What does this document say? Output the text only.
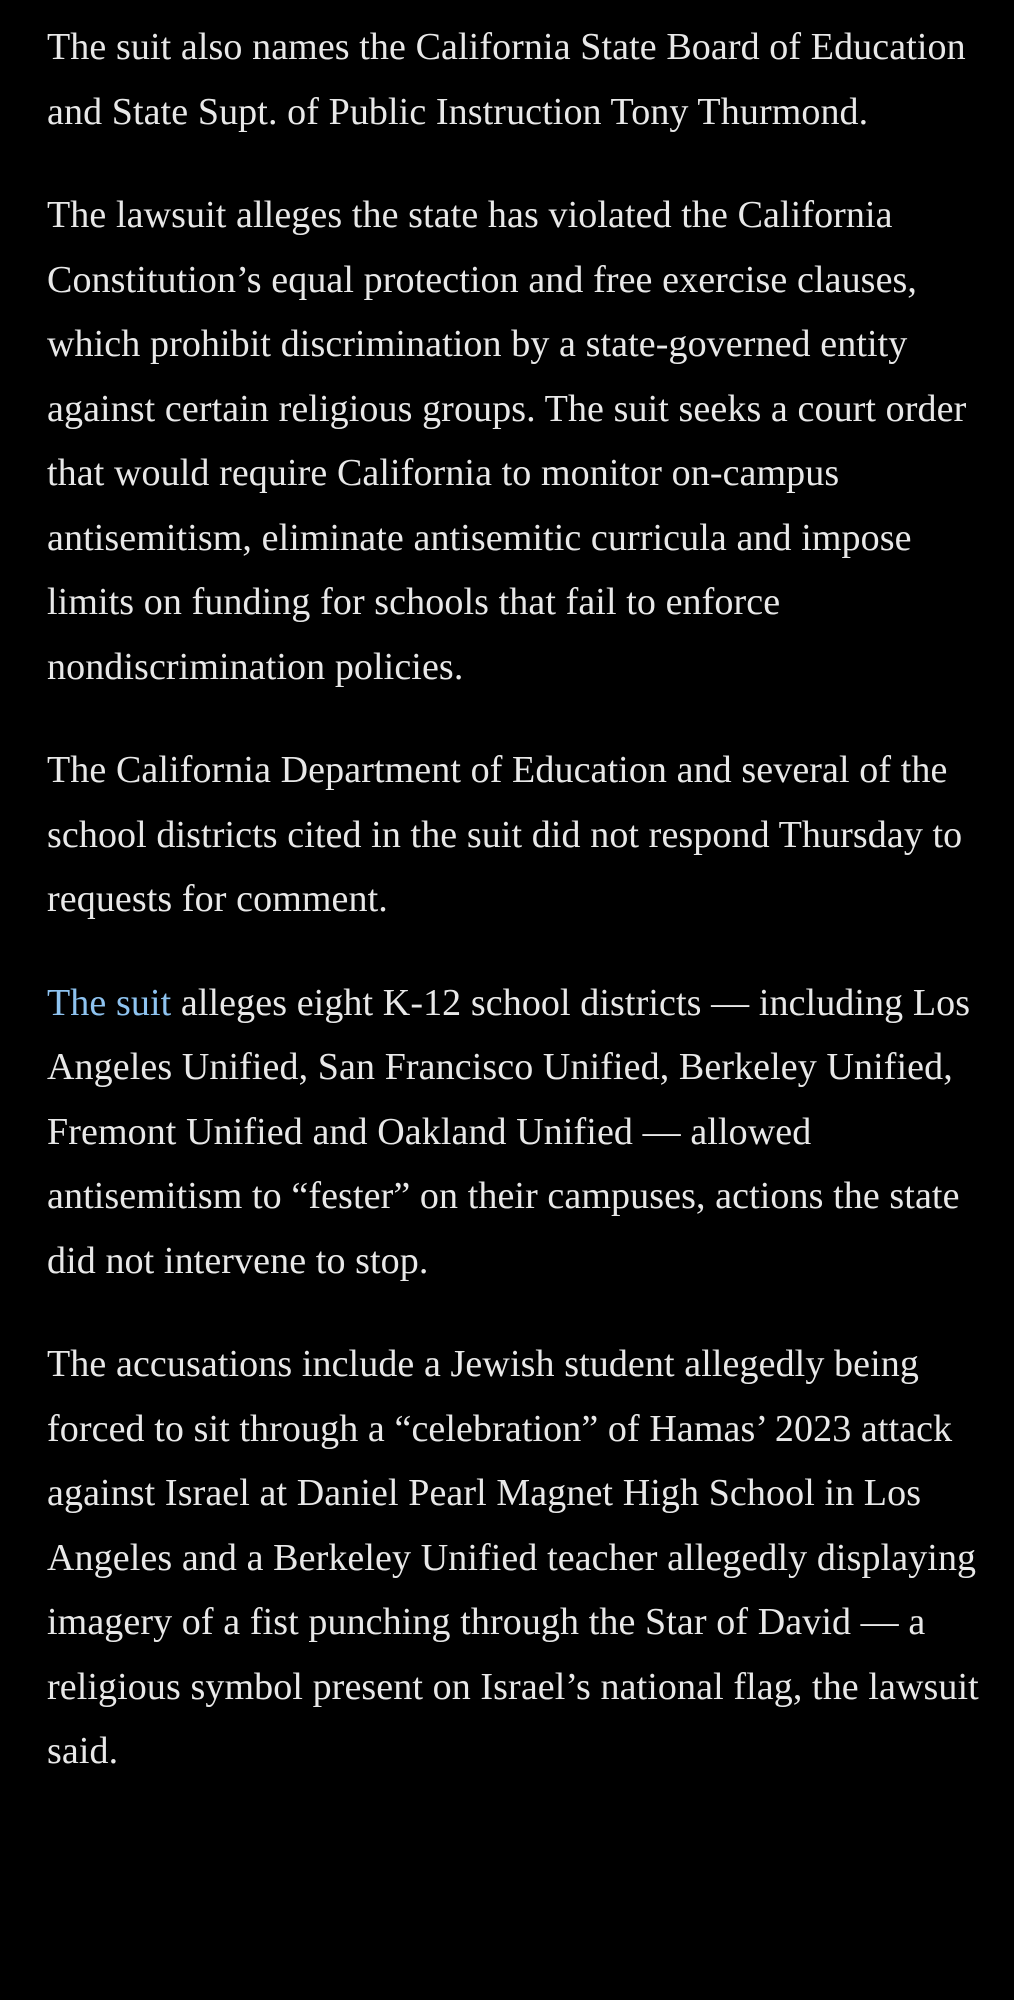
The suit also names the California State Board of Education and State Supt. of Public Instruction Tony Thurmond.

The lawsuit alleges the state has violated the California Constitution’s equal protection and free exercise clauses, which prohibit discrimination by a state-governed entity against certain religious groups. The suit seeks a court order that would require California to monitor on-campus antisemitism, eliminate antisemitic curricula and impose limits on funding for schools that fail to enforce nondiscrimination policies.

The California Department of Education and several of the school districts cited in the suit did not respond Thursday to requests for comment.

The suit alleges eight K-12 school districts — including Los Angeles Unified, San Francisco Unified, Berkeley Unified, Fremont Unified and Oakland Unified — allowed antisemitism to “fester” on their campuses, actions the state did not intervene to stop.

The accusations include a Jewish student allegedly being forced to sit through a “celebration” of Hamas’ 2023 attack against Israel at Daniel Pearl Magnet High School in Los Angeles and a Berkeley Unified teacher allegedly displaying imagery of a fist punching through the Star of David — a religious symbol present on Israel’s national flag, the lawsuit said.
